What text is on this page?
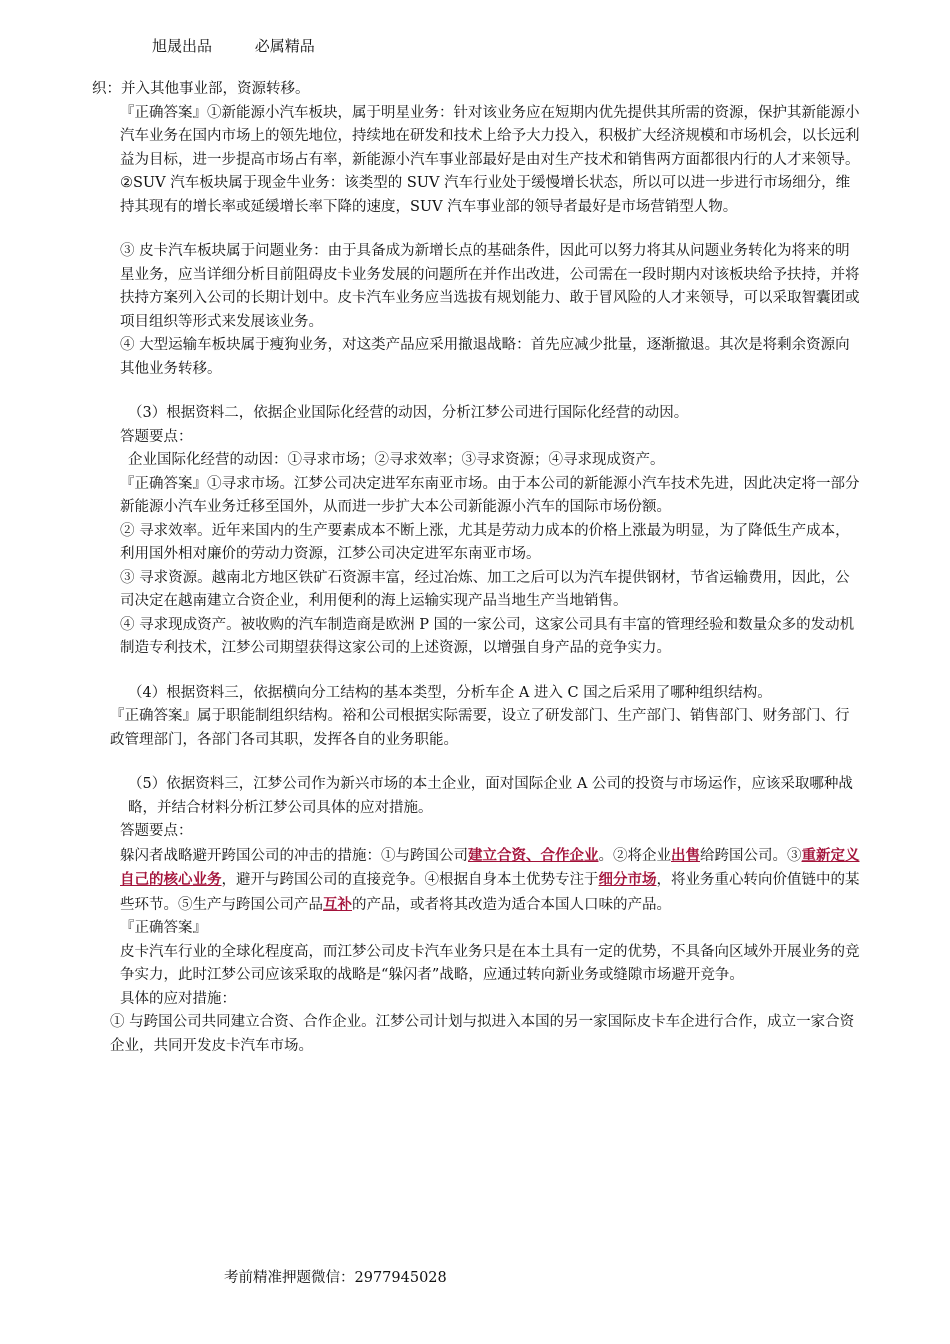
旭晟出品	必属精品

织：并入其他事业部，资源转移。

『正确答案』①新能源小汽车板块，属于明星业务：针对该业务应在短期内优先提供其所需的资源，保护其新能源小汽车业务在国内市场上的领先地位，持续地在研发和技术上给予大力投入，积极扩大经济规模和市场机会，以长远利益为目标，进一步提高市场占有率，新能源小汽车事业部最好是由对生产技术和销售两方面都很内行的人才来领导。

②SUV 汽车板块属于现金牛业务：该类型的 SUV 汽车行业处于缓慢增长状态，所以可以进一步进行市场细分，维持其现有的增长率或延缓增长率下降的速度，SUV 汽车事业部的领导者最好是市场营销型人物。

③ 皮卡汽车板块属于问题业务：由于具备成为新增长点的基础条件，因此可以努力将其从问题业务转化为将来的明星业务，应当详细分析目前阻碍皮卡业务发展的问题所在并作出改进，公司需在一段时期内对该板块给予扶持，并将扶持方案列入公司的长期计划中。皮卡汽车业务应当选拔有规划能力、敢于冒风险的人才来领导，可以采取智囊团或项目组织等形式来发展该业务。

④ 大型运输车板块属于瘦狗业务，对这类产品应采用撤退战略：首先应减少批量，逐渐撤退。其次是将剩余资源向其他业务转移。

（3）根据资料二，依据企业国际化经营的动因，分析江梦公司进行国际化经营的动因。

答题要点：

企业国际化经营的动因：①寻求市场；②寻求效率；③寻求资源；④寻求现成资产。

『正确答案』①寻求市场。江梦公司决定进军东南亚市场。由于本公司的新能源小汽车技术先进，因此决定将一部分新能源小汽车业务迁移至国外，从而进一步扩大本公司新能源小汽车的国际市场份额。

② 寻求效率。近年来国内的生产要素成本不断上涨，尤其是劳动力成本的价格上涨最为明显，为了降低生产成本，利用国外相对廉价的劳动力资源，江梦公司决定进军东南亚市场。

③ 寻求资源。越南北方地区铁矿石资源丰富，经过冶炼、加工之后可以为汽车提供钢材，节省运输费用，因此，公司决定在越南建立合资企业，利用便利的海上运输实现产品当地生产当地销售。

④ 寻求现成资产。被收购的汽车制造商是欧洲 P 国的一家公司，这家公司具有丰富的管理经验和数量众多的发动机制造专利技术，江梦公司期望获得这家公司的上述资源，以增强自身产品的竞争实力。

（4）根据资料三，依据横向分工结构的基本类型，分析车企 A 进入 C 国之后采用了哪种组织结构。

『正确答案』属于职能制组织结构。裕和公司根据实际需要，设立了研发部门、生产部门、销售部门、财务部门、行政管理部门，各部门各司其职，发挥各自的业务职能。

（5）依据资料三，江梦公司作为新兴市场的本土企业，面对国际企业 A 公司的投资与市场运作，应该采取哪种战略，并结合材料分析江梦公司具体的应对措施。

答题要点：

躲闪者战略避开跨国公司的冲击的措施：①与跨国公司建立合资、合作企业。②将企业出售给跨国公司。③重新定义自己的核心业务，避开与跨国公司的直接竞争。④根据自身本土优势专注于细分市场，将业务重心转向价值链中的某些环节。⑤生产与跨国公司产品互补的产品，或者将其改造为适合本国人口味的产品。

『正确答案』

皮卡汽车行业的全球化程度高，而江梦公司皮卡汽车业务只是在本土具有一定的优势，不具备向区域外开展业务的竞争实力，此时江梦公司应该采取的战略是“躲闪者”战略，应通过转向新业务或缝隙市场避开竞争。

具体的应对措施：

① 与跨国公司共同建立合资、合作企业。江梦公司计划与拟进入本国的另一家国际皮卡车企进行合作，成立一家合资企业，共同开发皮卡汽车市场。

考前精准押题微信：2977945028
